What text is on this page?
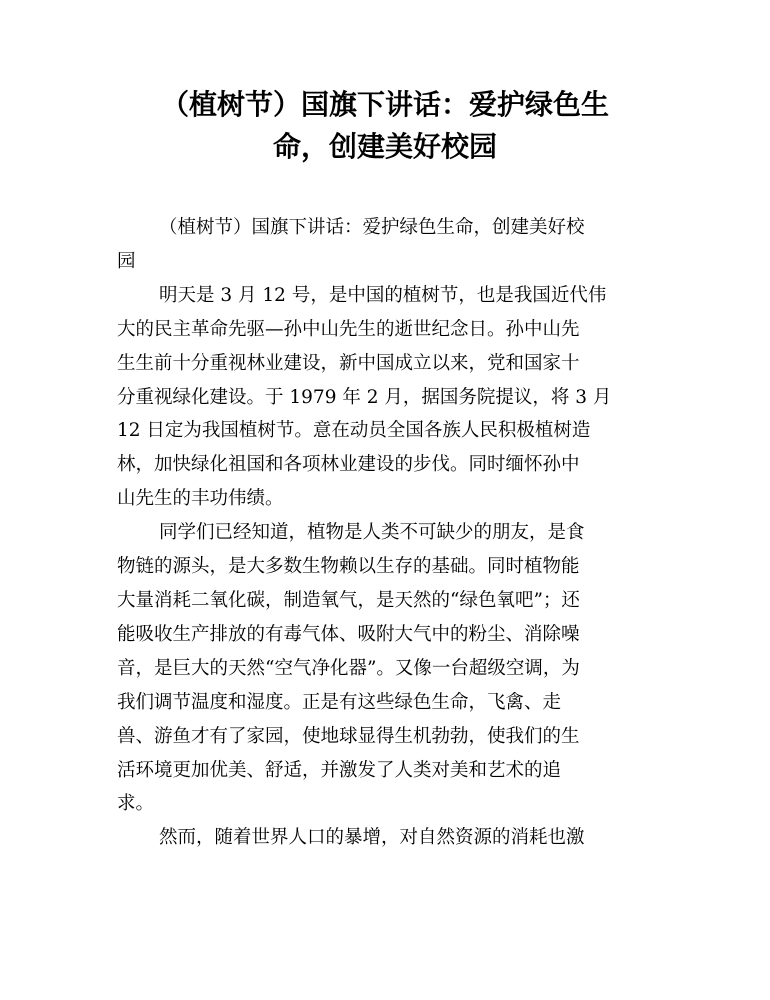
（植树节）国旗下讲话：爱护绿色生
命，创建美好校园

（植树节）国旗下讲话：爱护绿色生命，创建美好校
园

明天是 3 月 12 号，是中国的植树节，也是我国近代伟
大的民主革命先驱—孙中山先生的逝世纪念日。孙中山先
生生前十分重视林业建设，新中国成立以来，党和国家十
分重视绿化建设。于 1979 年 2 月，据国务院提议，将 3 月
12 日定为我国植树节。意在动员全国各族人民积极植树造
林，加快绿化祖国和各项林业建设的步伐。同时缅怀孙中
山先生的丰功伟绩。

同学们已经知道，植物是人类不可缺少的朋友，是食
物链的源头，是大多数生物赖以生存的基础。同时植物能
大量消耗二氧化碳，制造氧气，是天然的“绿色氧吧”；还
能吸收生产排放的有毒气体、吸附大气中的粉尘、消除噪
音，是巨大的天然“空气净化器”。又像一台超级空调，为
我们调节温度和湿度。正是有这些绿色生命，飞禽、走
兽、游鱼才有了家园，使地球显得生机勃勃，使我们的生
活环境更加优美、舒适，并激发了人类对美和艺术的追
求。

然而，随着世界人口的暴增，对自然资源的消耗也激
